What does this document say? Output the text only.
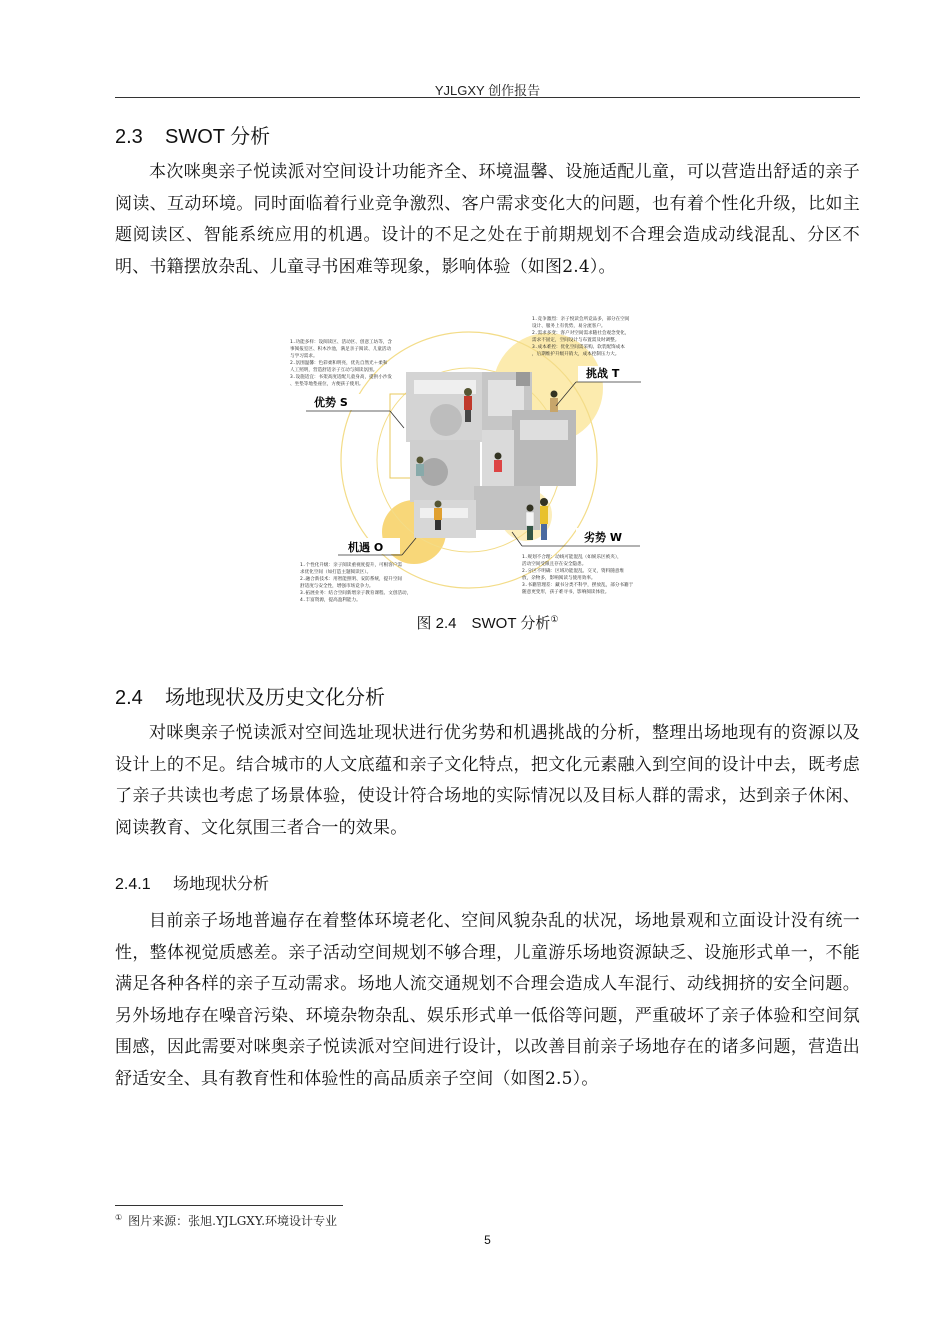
YJLGXY 创作报告
2.3 SWOT 分析
本次咪奥亲子悦读派对空间设计功能齐全、环境温馨、设施适配儿童，可以营造出舒适的亲子阅读、互动环境。同时面临着行业竞争激烈、客户需求变化大的问题，也有着个性化升级，比如主题阅读区、智能系统应用的机遇。设计的不足之处在于前期规划不合理会造成动线混乱、分区不明、书籍摆放杂乱、儿童寻书困难等现象，影响体验（如图2.4）。
优势 S
挑战 T
机遇 O
劣势 W
1.功能多样：设阅读区、活动区、创意工坊等，含
事阅报室区、积木沙池，满足亲子阅读、儿童活动
与学习需求。
2.氛围温馨：色彩柔和明亮，优先自然光＋柔和
人工照明，营造舒适亲子互动与阅读氛围。
3.设施适宜：书架高度适配儿童身高，提供小沙发
、坐垫等地垫座位，方便孩子使用。
1.竞争激烈：亲子悦读会所竞品多，部分在空间
设计、服务上有优势，易分流客户。
2.需求多变：客户对空间需求随社会观念变化，
需求不固定，空间设计与布置需及时调整。
3.成本难控：优化空间需采购、软装配饰成本
，后期维护升级开销大，成本控制压力大。
1.个性化升级：亲子阅读重视度提升，可根客户需
求优化空间（如打造主题阅读区）。
2.融合新技术：用智能照明、安防系统，提升空间
舒适度与安全性，增强市场竞争力。
3.拓展业务：结合空间新增亲子教育课程、文创活动，
4.丰富资源，提高盈利能力。
1.规划不合理：动线可能混乱（如娱乐区被夹），
活动空间受限且存在安全隐患。
2.分区不明确：区域功能混乱、交叉，资料随意堆
放，杂物多，影响阅读与使用效率。
3.书籍管理差：藏书分类不科学，摆放乱，部分书籍于
随意更变形，孩子难寻书，影响阅读体验。
图 2.4　SWOT 分析①
2.4 场地现状及历史文化分析
对咪奥亲子悦读派对空间选址现状进行优劣势和机遇挑战的分析，整理出场地现有的资源以及设计上的不足。结合城市的人文底蕴和亲子文化特点，把文化元素融入到空间的设计中去，既考虑了亲子共读也考虑了场景体验，使设计符合场地的实际情况以及目标人群的需求，达到亲子休闲、阅读教育、文化氛围三者合一的效果。
2.4.1 场地现状分析
目前亲子场地普遍存在着整体环境老化、空间风貌杂乱的状况，场地景观和立面设计没有统一性，整体视觉质感差。亲子活动空间规划不够合理，儿童游乐场地资源缺乏、设施形式单一，不能满足各种各样的亲子互动需求。场地人流交通规划不合理会造成人车混行、动线拥挤的安全问题。另外场地存在噪音污染、环境杂物杂乱、娱乐形式单一低俗等问题，严重破坏了亲子体验和空间氛围感，因此需要对咪奥亲子悦读派对空间进行设计，以改善目前亲子场地存在的诸多问题，营造出舒适安全、具有教育性和体验性的高品质亲子空间（如图2.5）。
① 图片来源：张旭.YJLGXY.环境设计专业
5
